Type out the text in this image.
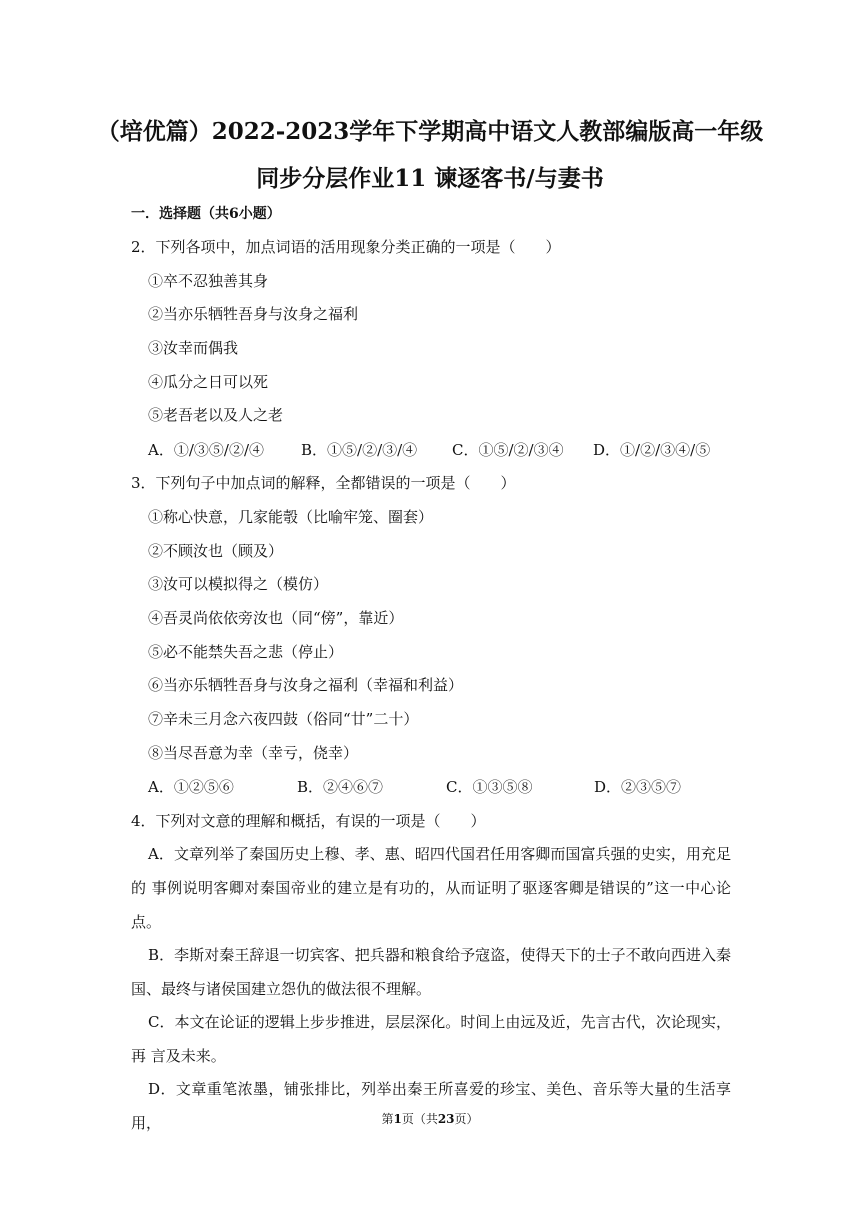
（培优篇）2022-2023学年下学期高中语文人教部编版高一年级
同步分层作业11 谏逐客书/与妻书
一．选择题（共6小题）
2．下列各项中，加点词语的活用现象分类正确的一项是（　　）
①卒不忍独善其身
②当亦乐牺牲吾身与汝身之福利
③汝幸而偶我
④瓜分之日可以死
⑤老吾老以及人之老
A．①/③⑤/②/④ B．①⑤/②/③/④ C．①⑤/②/③④ D．①/②/③④/⑤
3．下列句子中加点词的解释，全都错误的一项是（　　）
①称心快意，几家能彀（比喻牢笼、圈套）
②不顾汝也（顾及）
③汝可以模拟得之（模仿）
④吾灵尚依依旁汝也（同“傍”，靠近）
⑤必不能禁失吾之悲（停止）
⑥当亦乐牺牲吾身与汝身之福利（幸福和利益）
⑦辛未三月念六夜四鼓（俗同“廿”二十）
⑧当尽吾意为幸（幸亏，侥幸）
A．①②⑤⑥	B．②④⑥⑦	C．①③⑤⑧	D．②③⑤⑦
4．下列对文意的理解和概括，有误的一项是（　　）
A．文章列举了秦国历史上穆、孝、惠、昭四代国君任用客卿而国富兵强的史实，用充足的 事例说明客卿对秦国帝业的建立是有功的，从而证明了驱逐客卿是错误的”这一中心论点。
B．李斯对秦王辞退一切宾客、把兵器和粮食给予寇盗，使得天下的士子不敢向西进入秦国、最终与诸侯国建立怨仇的做法很不理解。
C．本文在论证的逻辑上步步推进，层层深化。时间上由远及近，先言古代，次论现实，再 言及未来。
D．文章重笔浓墨，铺张排比，列举出秦王所喜爱的珍宝、美色、音乐等大量的生活享用，	第1页（共23页）
